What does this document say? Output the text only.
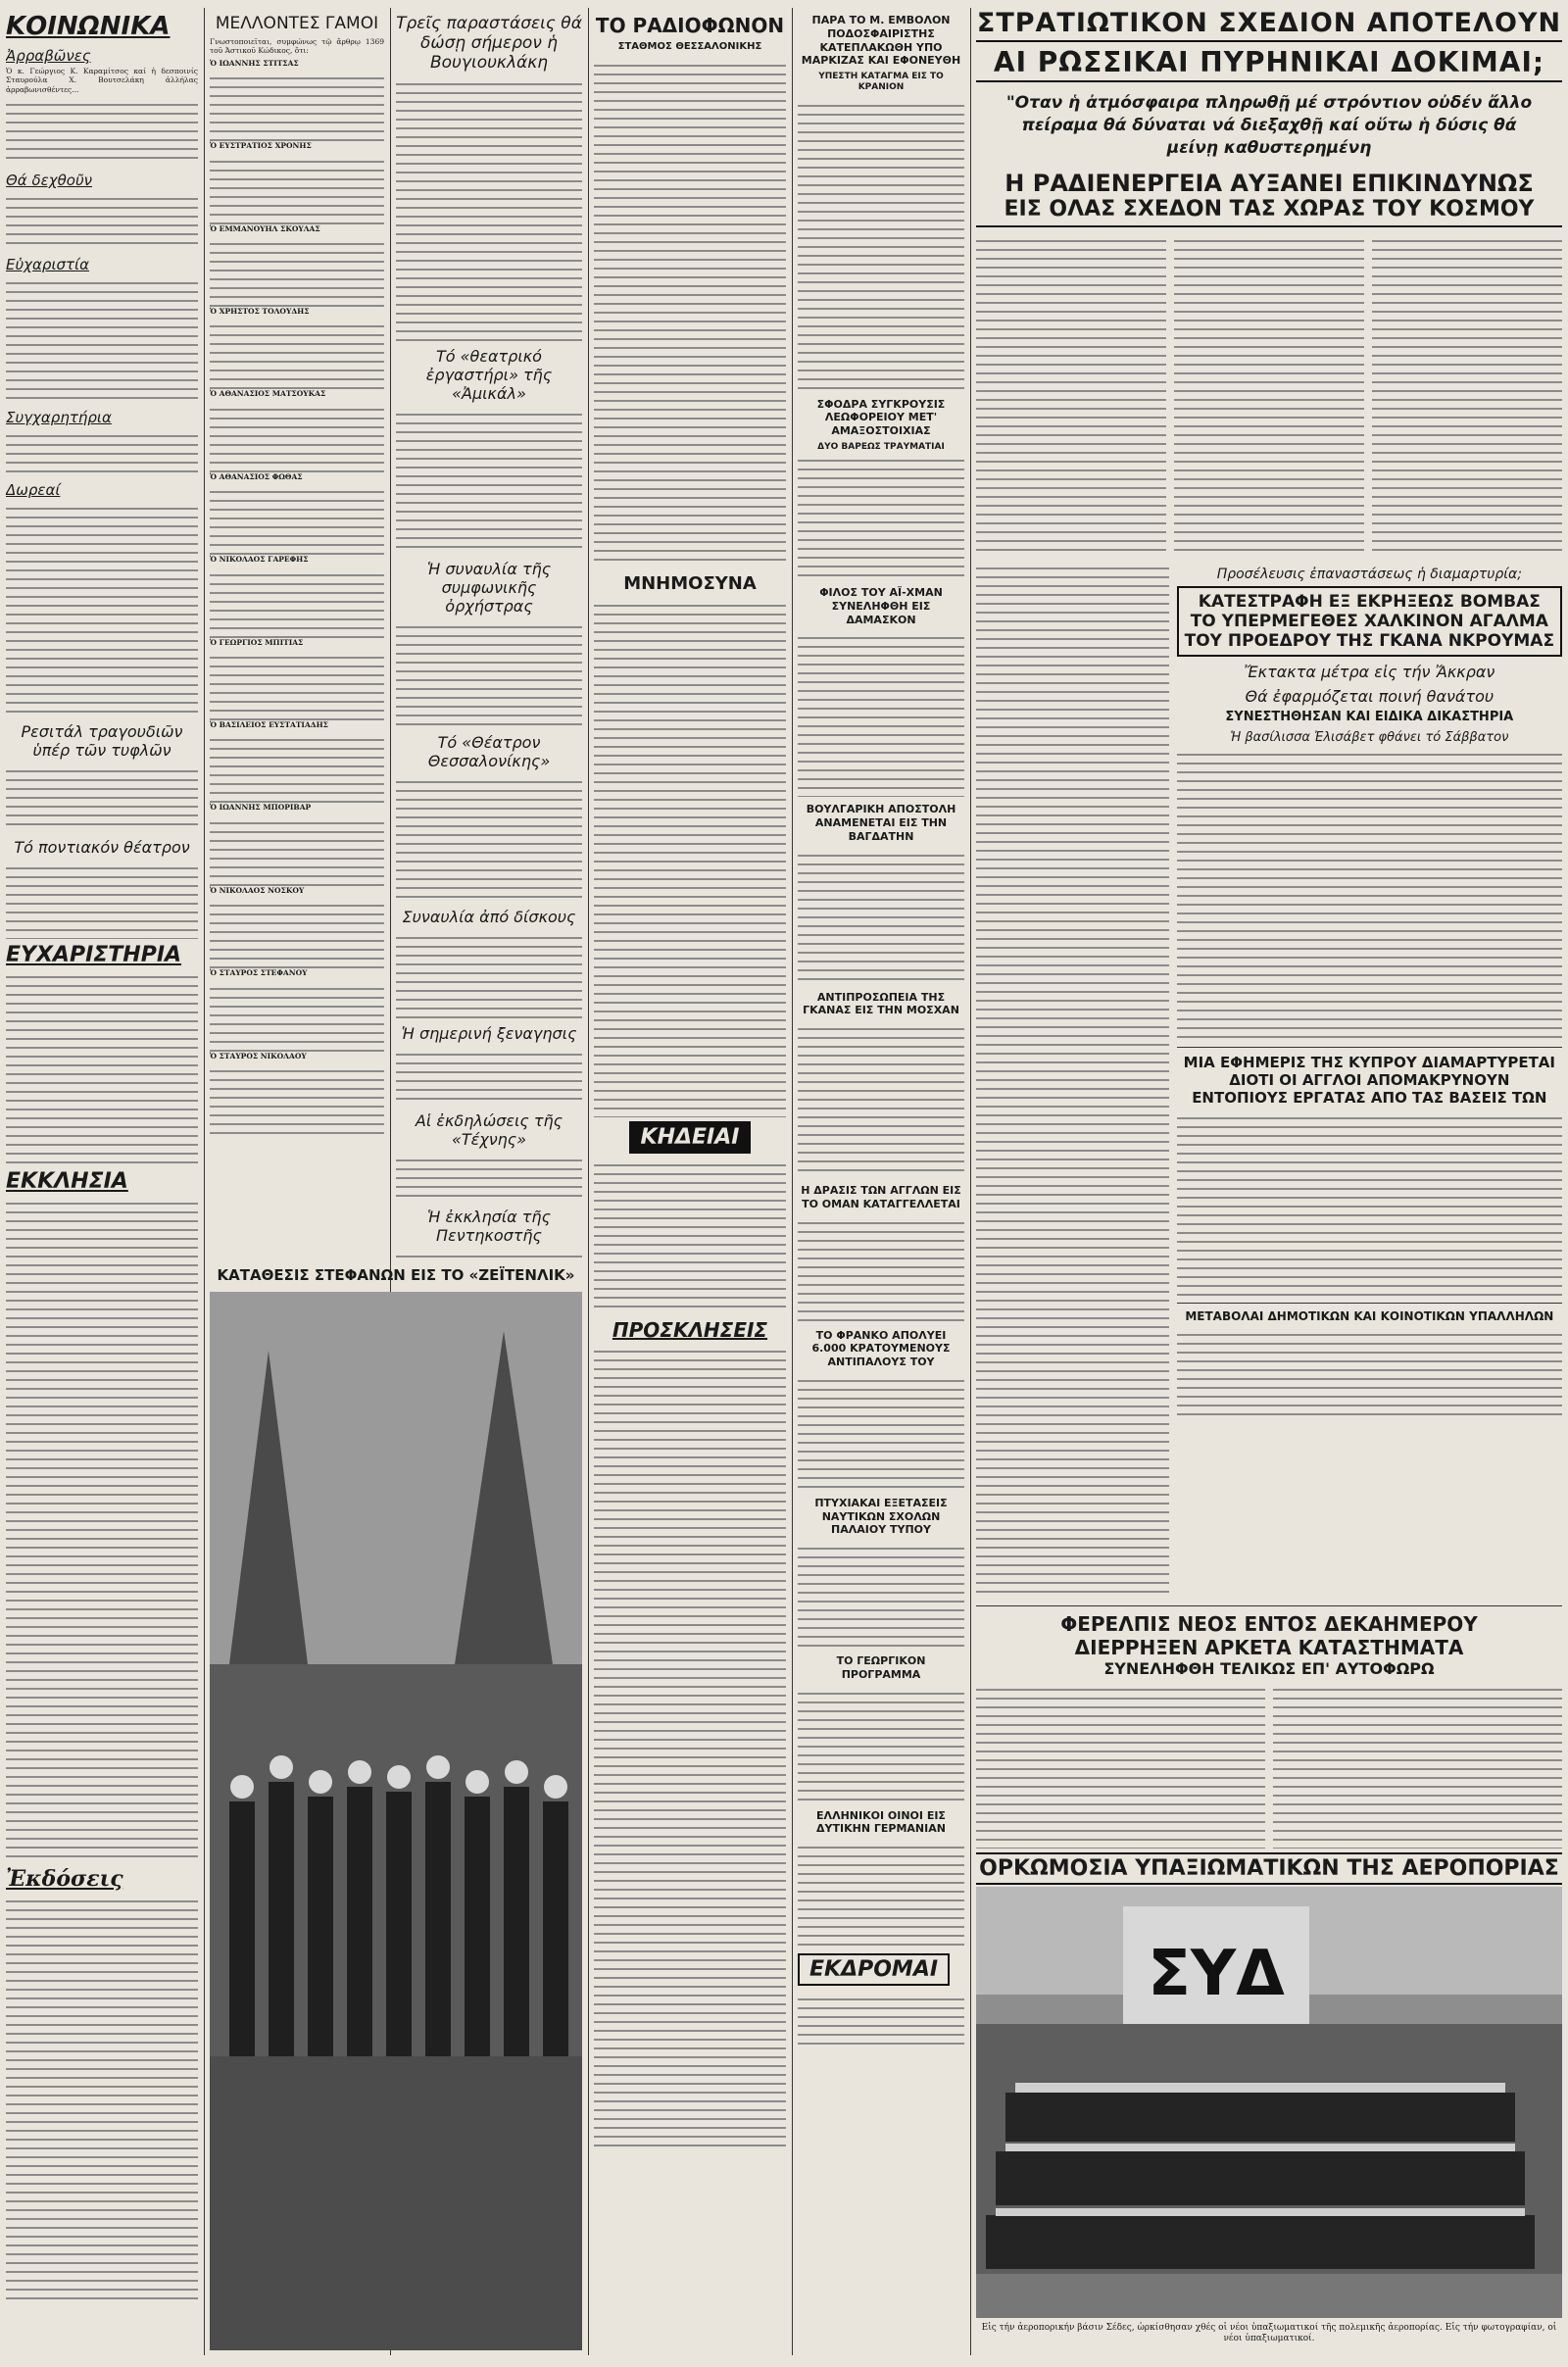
ΚΟΙΝΩΝΙΚΑ
Ἀρραβῶνες

Ὁ κ. Γεώργιος Κ. Καραμίτσος καί ἡ δεσποινίς Σταυρούλα Χ. Βουτσελάκη ἀλλήλας ἀρραβωνισθέντες...

Θά δεχθοῦν
Εὐχαριστία
Συγχαρητήρια
Δωρεαί
Ρεσιτάλ τραγουδιῶν ὑπέρ τῶν τυφλῶν
Τό ποντιακόν θέατρον
ΕΥΧΑΡΙΣΤΗΡΙΑ
ΕΚΚΛΗΣΙΑ
Ἐκδόσεις
ΜΕΛΛΟΝΤΕΣ ΓΑΜΟΙ

Γνωστοποιεῖται, συμφώνως τῷ ἄρθρῳ 1369 τοῦ Ἀστικοῦ Κώδικος, ὅτι:

Ὁ ΙΩΑΝΝΗΣ ΣΤΙΤΣΑΣ

Ὁ ΕΥΣΤΡΑΤΙΟΣ ΧΡΟΝΗΣ

Ὁ ΕΜΜΑΝΟΥΗΛ ΣΚΟΥΛΑΣ

Ὁ ΧΡΗΣΤΟΣ ΤΟΛΟΥΔΗΣ

Ὁ ΑΘΑΝΑΣΙΟΣ ΜΑΤΣΟΥΚΑΣ

Ὁ ΑΘΑΝΑΣΙΟΣ ΦΩΘΑΣ

Ὁ ΝΙΚΟΛΑΟΣ ΓΑΡΕΦΗΣ

Ὁ ΓΕΩΡΓΙΟΣ ΜΠΙΤΙΑΣ

Ὁ ΒΑΣΙΛΕΙΟΣ ΕΥΣΤΑΤΙΑΔΗΣ

Ὁ ΙΩΑΝΝΗΣ ΜΠΟΡΙΒΑΡ

Ὁ ΝΙΚΟΛΑΟΣ ΝΟΣΚΟΥ

Ὁ ΣΤΑΥΡΟΣ ΣΤΕΦΑΝΟΥ

Ὁ ΣΤΑΥΡΟΣ ΝΙΚΟΛΑΟΥ

Τρεῖς παραστάσεις θά δώσῃ σήμερον ἡ Βουγιουκλάκη
Τό «θεατρικό ἐργαστήρι» τῆς «Ἀμικάλ»
Ἡ συναυλία τῆς συμφωνικῆς ὀρχήστρας
Τό «Θέατρον Θεσσαλονίκης»
Συναυλία ἀπό δίσκους
Ἡ σημερινή ξεναγησις
Αἱ ἐκδηλώσεις τῆς «Τέχνης»
Ἡ ἐκκλησία τῆς Πεντηκοστῆς
ΤΟ ΡΑΔΙΟΦΩΝΟΝ
ΣΤΑΘΜΟΣ ΘΕΣΣΑΛΟΝΙΚΗΣ
ΜΝΗΜΟΣΥΝΑ
ΚΗΔΕΙΑΙ
ΠΡΟΣΚΛΗΣΕΙΣ
ΠΑΡΑ ΤΟ Μ. ΕΜΒΟΛΟΝ ΠΟΔΟΣΦΑΙΡΙΣΤΗΣ ΚΑΤΕΠΛΑΚΩΘΗ ΥΠΟ ΜΑΡΚΙΖΑΣ ΚΑΙ ΕΦΟΝΕΥΘΗ
ΥΠΕΣΤΗ ΚΑΤΑΓΜΑ ΕΙΣ ΤΟ ΚΡΑΝΙΟΝ
ΣΦΟΔΡΑ ΣΥΓΚΡΟΥΣΙΣ ΛΕΩΦΟΡΕΙΟΥ ΜΕΤ' ΑΜΑΞΟΣΤΟΙΧΙΑΣ
ΔΥΟ ΒΑΡΕΩΣ ΤΡΑΥΜΑΤΙΑΙ
ΦΙΛΟΣ ΤΟΥ ΑΪ-ΧΜΑΝ ΣΥΝΕΛΗΦΘΗ ΕΙΣ ΔΑΜΑΣΚΟΝ
ΒΟΥΛΓΑΡΙΚΗ ΑΠΟΣΤΟΛΗ ΑΝΑΜΕΝΕΤΑΙ ΕΙΣ ΤΗΝ ΒΑΓΔΑΤΗΝ
ΑΝΤΙΠΡΟΣΩΠΕΙΑ ΤΗΣ ΓΚΑΝΑΣ ΕΙΣ ΤΗΝ ΜΟΣΧΑΝ
Η ΔΡΑΣΙΣ ΤΩΝ ΑΓΓΛΩΝ ΕΙΣ ΤΟ ΟΜΑΝ ΚΑΤΑΓΓΕΛΛΕΤΑΙ
ΤΟ ΦΡΑΝΚΟ ΑΠΟΛΥΕΙ 6.000 ΚΡΑΤΟΥΜΕΝΟΥΣ ΑΝΤΙΠΑΛΟΥΣ ΤΟΥ
ΠΤΥΧΙΑΚΑΙ ΕΞΕΤΑΣΕΙΣ ΝΑΥΤΙΚΩΝ ΣΧΟΛΩΝ ΠΑΛΑΙΟΥ ΤΥΠΟΥ
ΤΟ ΓΕΩΡΓΙΚΟΝ ΠΡΟΓΡΑΜΜΑ
ΕΛΛΗΝΙΚΟΙ ΟΙΝΟΙ ΕΙΣ ΔΥΤΙΚΗΝ ΓΕΡΜΑΝΙΑΝ
ΕΚΔΡΟΜΑΙ
ΣΤΡΑΤΙΩΤΙΚΟΝ ΣΧΕΔΙΟΝ ΑΠΟΤΕΛΟΥΝ
ΑΙ ΡΩΣΣΙΚΑΙ ΠΥΡΗΝΙΚΑΙ ΔΟΚΙΜΑΙ;
"Οταν ἡ ἀτμόσφαιρα πληρωθῇ μέ στρόντιον οὐδέν ἄλλο πείραμα θά δύναται νά διεξαχθῇ καί οὕτω ἡ δύσις θά μείνῃ καθυστερημένη
Η ΡΑΔΙΕΝΕΡΓΕΙΑ ΑΥΞΑΝΕΙ ΕΠΙΚΙΝΔΥΝΩΣ
ΕΙΣ ΟΛΑΣ ΣΧΕΔΟΝ ΤΑΣ ΧΩΡΑΣ ΤΟΥ ΚΟΣΜΟΥ
Προσέλευσις ἐπαναστάσεως ἡ διαμαρτυρία;
ΚΑΤΕΣΤΡΑΦΗ ΕΞ ΕΚΡΗΞΕΩΣ ΒΟΜΒΑΣ
ΤΟ ΥΠΕΡΜΕΓΕΘΕΣ ΧΑΛΚΙΝΟΝ ΑΓΑΛΜΑ
ΤΟΥ ΠΡΟΕΔΡΟΥ ΤΗΣ ΓΚΑΝΑ ΝΚΡΟΥΜΑΣ
Ἔκτακτα μέτρα εἰς τήν Ἄκκραν
Θά ἐφαρμόζεται ποινή θανάτου
ΣΥΝΕΣΤΗΘΗΣΑΝ ΚΑΙ ΕΙΔΙΚΑ ΔΙΚΑΣΤΗΡΙΑ
Ἡ βασίλισσα Ἐλισάβετ φθάνει τό Σάββατον
ΜΙΑ ΕΦΗΜΕΡΙΣ ΤΗΣ ΚΥΠΡΟΥ ΔΙΑΜΑΡΤΥΡΕΤΑΙ
ΔΙΟΤΙ ΟΙ ΑΓΓΛΟΙ ΑΠΟΜΑΚΡΥΝΟΥΝ
ΕΝΤΟΠΙΟΥΣ ΕΡΓΑΤΑΣ ΑΠΟ ΤΑΣ ΒΑΣΕΙΣ ΤΩΝ
ΜΕΤΑΒΟΛΑΙ ΔΗΜΟΤΙΚΩΝ ΚΑΙ ΚΟΙΝΟΤΙΚΩΝ ΥΠΑΛΛΗΛΩΝ
ΦΕΡΕΛΠΙΣ ΝΕΟΣ ΕΝΤΟΣ ΔΕΚΑΗΜΕΡΟΥ
ΔΙΕΡΡΗΞΕΝ ΑΡΚΕΤΑ ΚΑΤΑΣΤΗΜΑΤΑ
ΣΥΝΕΛΗΦΘΗ ΤΕΛΙΚΩΣ ΕΠ' ΑΥΤΟΦΩΡΩ
ΚΑΤΑΘΕΣΙΣ ΣΤΕΦΑΝΩΝ ΕΙΣ ΤΟ «ΖΕΪΤΕΝΛΙΚ»
ΟΡΚΩΜΟΣΙΑ ΥΠΑΞΙΩΜΑΤΙΚΩΝ ΤΗΣ ΑΕΡΟΠΟΡΙΑΣ
ΣΥΔ
Εἰς τήν ἀεροπορικήν βάσιν Σέδες, ὡρκίσθησαν χθές οἱ νέοι ὑπαξιωματικοί τῆς πολεμικῆς ἀεροπορίας. Εἰς τήν φωτογραφίαν, οἱ νέοι ὑπαξιωματικοί.
